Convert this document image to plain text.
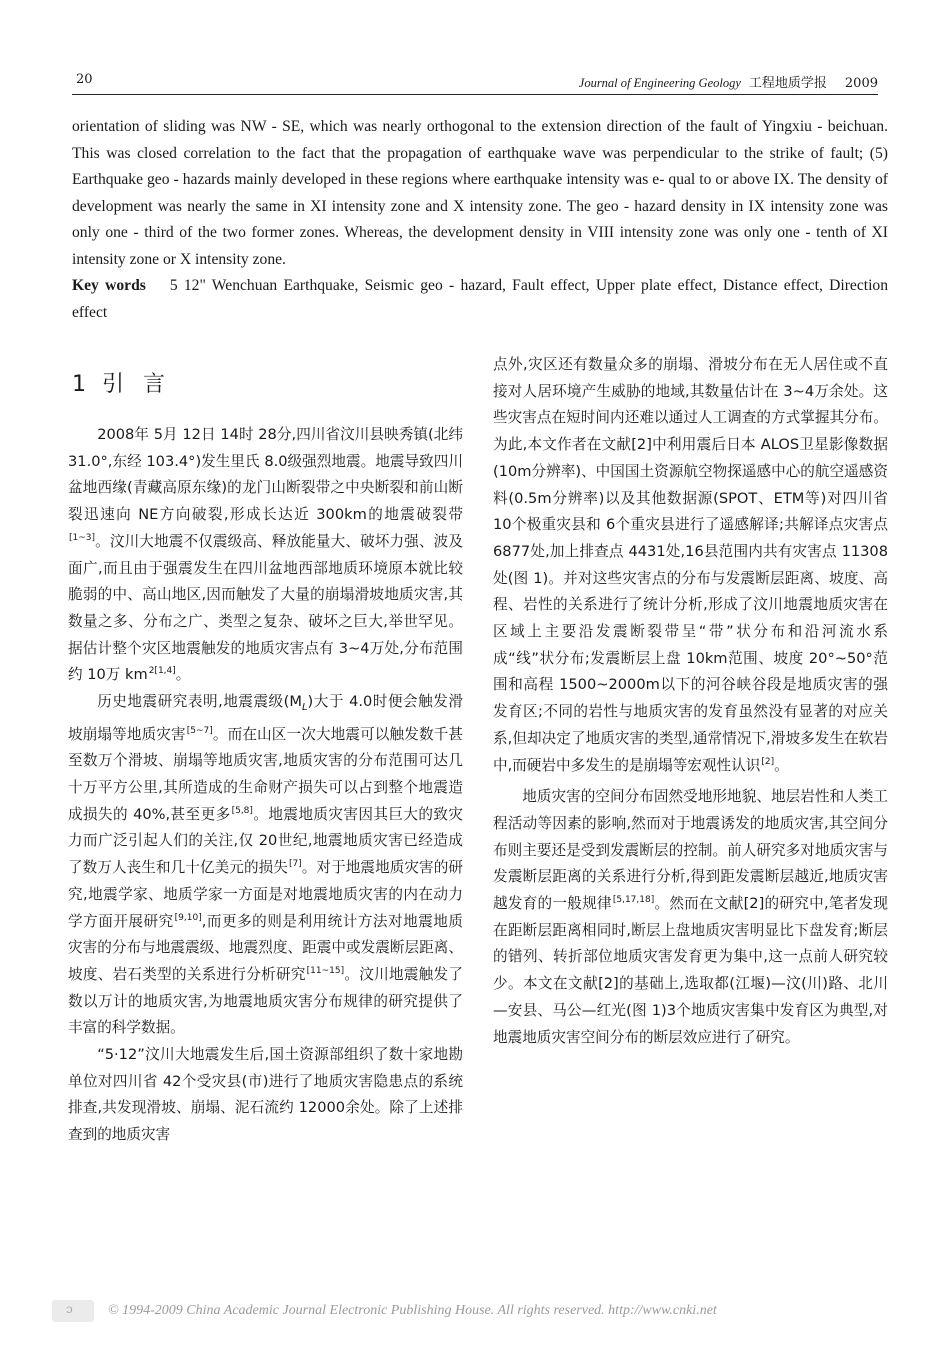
20	Journal of Engineering Geology 工程地质学报 2009

orientation of sliding was NW - SE, which was nearly orthogonal to the extension direction of the fault of Yingxiu - beichuan. This was closed correlation to the fact that the propagation of earthquake wave was perpendicular to the strike of fault; (5) Earthquake geo - hazards mainly developed in these regions where earthquake intensity was e- qual to or above IX. The density of development was nearly the same in XI intensity zone and X intensity zone. The geo - hazard density in IX intensity zone was only one - third of the two former zones. Whereas, the development density in VIII intensity zone was only one - tenth of XI intensity zone or X intensity zone.

Key words 5 12" Wenchuan Earthquake, Seismic geo - hazard, Fault effect, Upper plate effect, Distance effect, Direction effect

1 引 言

2008年 5月 12日 14时 28分,四川省汶川县映秀镇(北纬 31.0°,东经 103.4°)发生里氏 8.0级强烈地震。地震导致四川盆地西缘(青藏高原东缘)的龙门山断裂带之中央断裂和前山断裂迅速向 NE方向破裂,形成长达近 300km的地震破裂带[1~3]。汶川大地震不仅震级高、释放能量大、破坏力强、波及面广,而且由于强震发生在四川盆地西部地质环境原本就比较脆弱的中、高山地区,因而触发了大量的崩塌滑坡地质灾害,其数量之多、分布之广、类型之复杂、破坏之巨大,举世罕见。据估计整个灾区地震触发的地质灾害点有 3~4万处,分布范围约 10万 km$^{2[1,4]}$。

历史地震研究表明,地震震级$(M_L)$大于 4.0时便会触发滑坡崩塌等地质灾害[5~7]。而在山区一次大地震可以触发数千甚至数万个滑坡、崩塌等地质灾害,地质灾害的分布范围可达几十万平方公里,其所造成的生命财产损失可以占到整个地震造成损失的 40%,甚至更多[5,8]。地震地质灾害因其巨大的致灾力而广泛引起人们的关注,仅 20世纪,地震地质灾害已经造成了数万人丧生和几十亿美元的损失[7]。对于地震地质灾害的研究,地震学家、地质学家一方面是对地震地质灾害的内在动力学方面开展研究[9,10],而更多的则是利用统计方法对地震地质灾害的分布与地震震级、地震烈度、距震中或发震断层距离、坡度、岩石类型的关系进行分析研究[11~15]。汶川地震触发了数以万计的地质灾害,为地震地质灾害分布规律的研究提供了丰富的科学数据。

“5·12”汶川大地震发生后,国土资源部组织了数十家地勘单位对四川省 42个受灾县(市)进行了地质灾害隐患点的系统排查,共发现滑坡、崩塌、泥石流约 12000余处。除了上述排查到的地质灾害

点外,灾区还有数量众多的崩塌、滑坡分布在无人居住或不直接对人居环境产生威胁的地域,其数量估计在 3~4万余处。这些灾害点在短时间内还难以通过人工调查的方式掌握其分布。为此,本文作者在文献[2]中利用震后日本 ALOS卫星影像数据(10m分辨率)、中国国土资源航空物探遥感中心的航空遥感资料(0.5m分辨率)以及其他数据源(SPOT、ETM等)对四川省 10个极重灾县和 6个重灾县进行了遥感解译;共解译点灾害点 6877处,加上排查点 4431处,16县范围内共有灾害点 11308处(图 1)。并对这些灾害点的分布与发震断层距离、坡度、高程、岩性的关系进行了统计分析,形成了汶川地震地质灾害在区域上主要沿发震断裂带呈“带”状分布和沿河流水系成“线”状分布;发震断层上盘 10km范围、坡度 20°~50°范围和高程 1500~2000m以下的河谷峡谷段是地质灾害的强发育区;不同的岩性与地质灾害的发育虽然没有显著的对应关系,但却决定了地质灾害的类型,通常情况下,滑坡多发生在软岩中,而硬岩中多发生的是崩塌等宏观性认识[2]。

地质灾害的空间分布固然受地形地貌、地层岩性和人类工程活动等因素的影响,然而对于地震诱发的地质灾害,其空间分布则主要还是受到发震断层的控制。前人研究多对地质灾害与发震断层距离的关系进行分析,得到距发震断层越近,地质灾害越发育的一般规律[5,17,18]。然而在文献[2]的研究中,笔者发现在距断层距离相同时,断层上盘地质灾害明显比下盘发育;断层的错列、转折部位地质灾害发育更为集中,这一点前人研究较少。本文在文献[2]的基础上,选取都(江堰)—汶(川)路、北川—安县、马公—红光(图 1)3个地质灾害集中发育区为典型,对地震地质灾害空间分布的断层效应进行了研究。

ɔ	© 1994-2009 China Academic Journal Electronic Publishing House. All rights reserved. http://www.cnki.net
